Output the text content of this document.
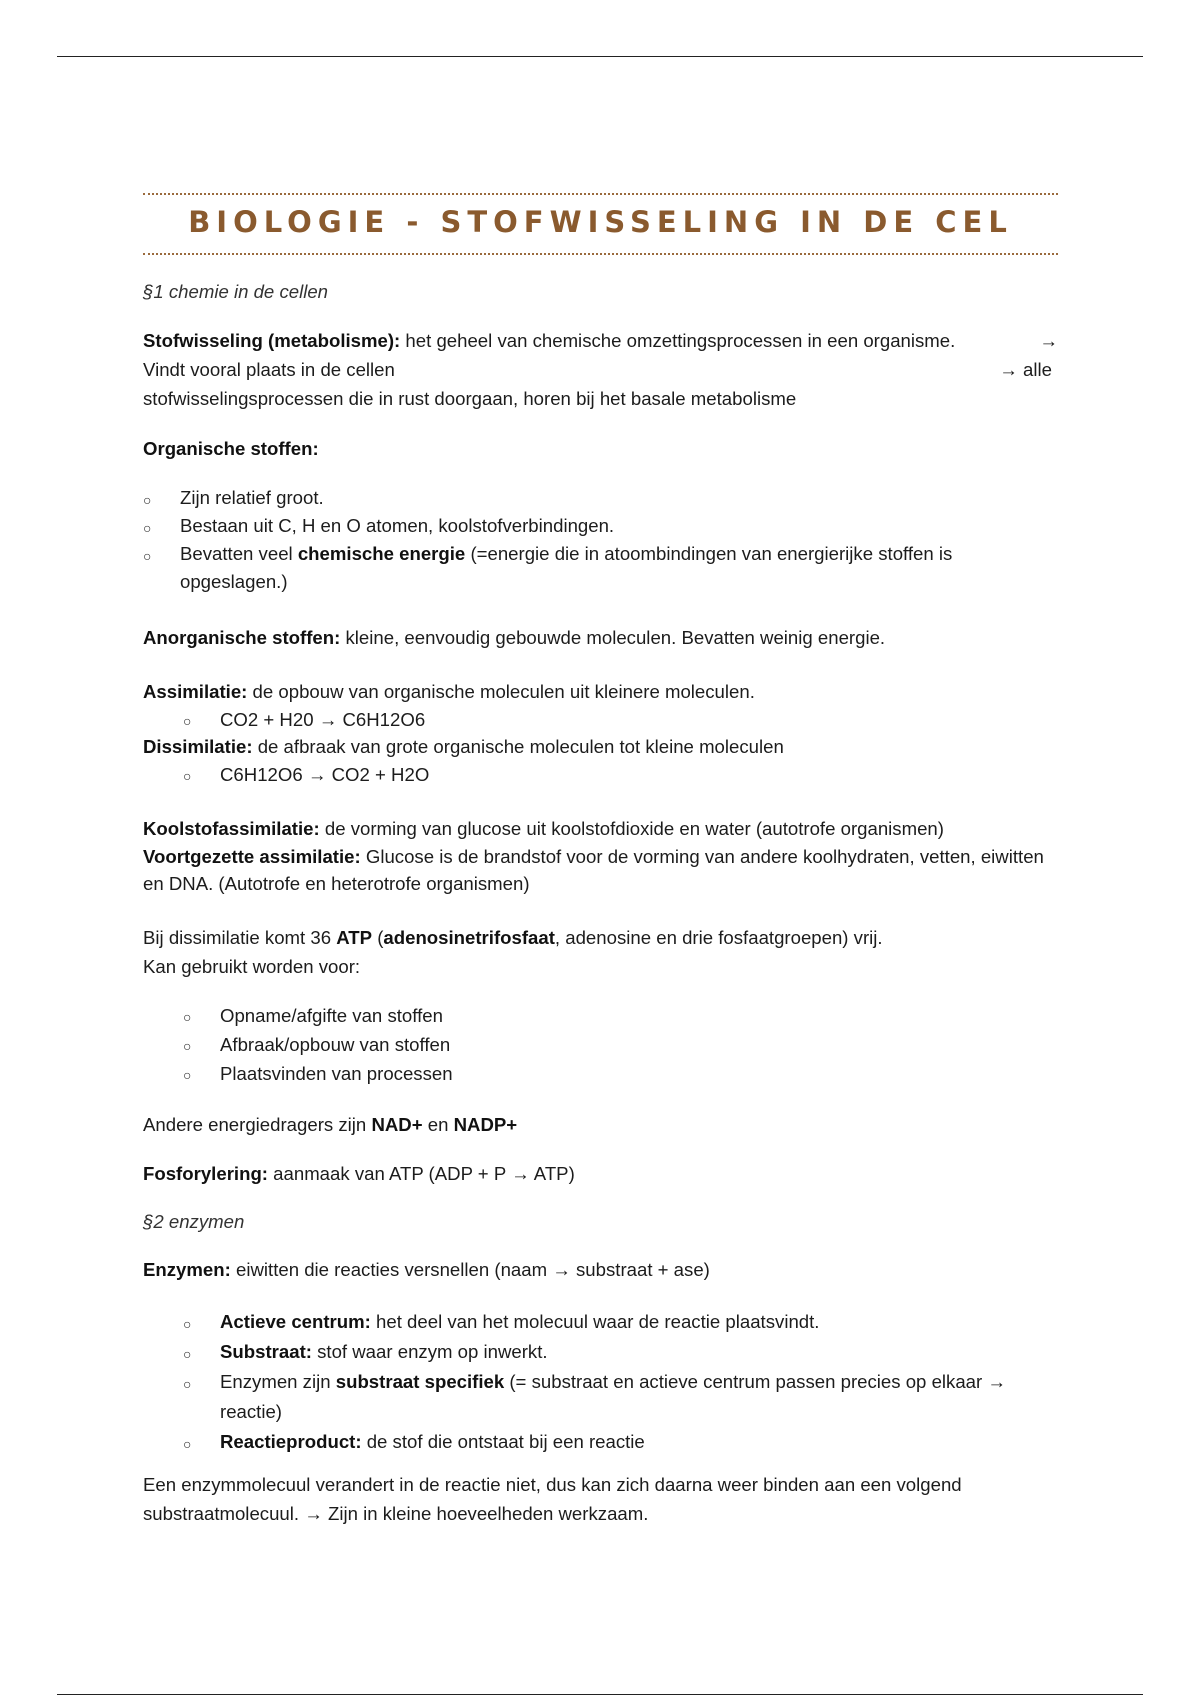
BIOLOGIE - STOFWISSELING IN DE CEL

§1 chemie in de cellen

Stofwisseling (metabolisme): het geheel van chemische omzettingsprocessen in een organisme.	→
Vindt vooral plaats in de cellen	→ alle
stofwisselingsprocessen die in rust doorgaan, horen bij het basale metabolisme

Organische stoffen:

○ Zijn relatief groot.
○ Bestaan uit C, H en O atomen, koolstofverbindingen.
○ Bevatten veel chemische energie (=energie die in atoombindingen van energierijke stoffen is opgeslagen.)

Anorganische stoffen: kleine, eenvoudig gebouwde moleculen. Bevatten weinig energie.

Assimilatie: de opbouw van organische moleculen uit kleinere moleculen.
○ CO2 + H20 → C6H12O6
Dissimilatie: de afbraak van grote organische moleculen tot kleine moleculen
○ C6H12O6 → CO2 + H2O
Koolstofassimilatie: de vorming van glucose uit koolstofdioxide en water (autotrofe organismen)
Voortgezette assimilatie: Glucose is de brandstof voor de vorming van andere koolhydraten, vetten, eiwitten en DNA. (Autotrofe en heterotrofe organismen)
Bij dissimilatie komt 36 ATP (adenosinetrifosfaat, adenosine en drie fosfaatgroepen) vrij.
Kan gebruikt worden voor:
○ Opname/afgifte van stoffen
○ Afbraak/opbouw van stoffen
○ Plaatsvinden van processen

Andere energiedragers zijn NAD+ en NADP+

Fosforylering: aanmaak van ATP (ADP + P → ATP)

§2 enzymen

Enzymen: eiwitten die reacties versnellen (naam → substraat + ase)

○ Actieve centrum: het deel van het molecuul waar de reactie plaatsvindt.
○ Substraat: stof waar enzym op inwerkt.
○ Enzymen zijn substraat specifiek (= substraat en actieve centrum passen precies op elkaar → reactie)
○ Reactieproduct: de stof die ontstaat bij een reactie

Een enzymmolecuul verandert in de reactie niet, dus kan zich daarna weer binden aan een volgend substraatmolecuul. → Zijn in kleine hoeveelheden werkzaam.
